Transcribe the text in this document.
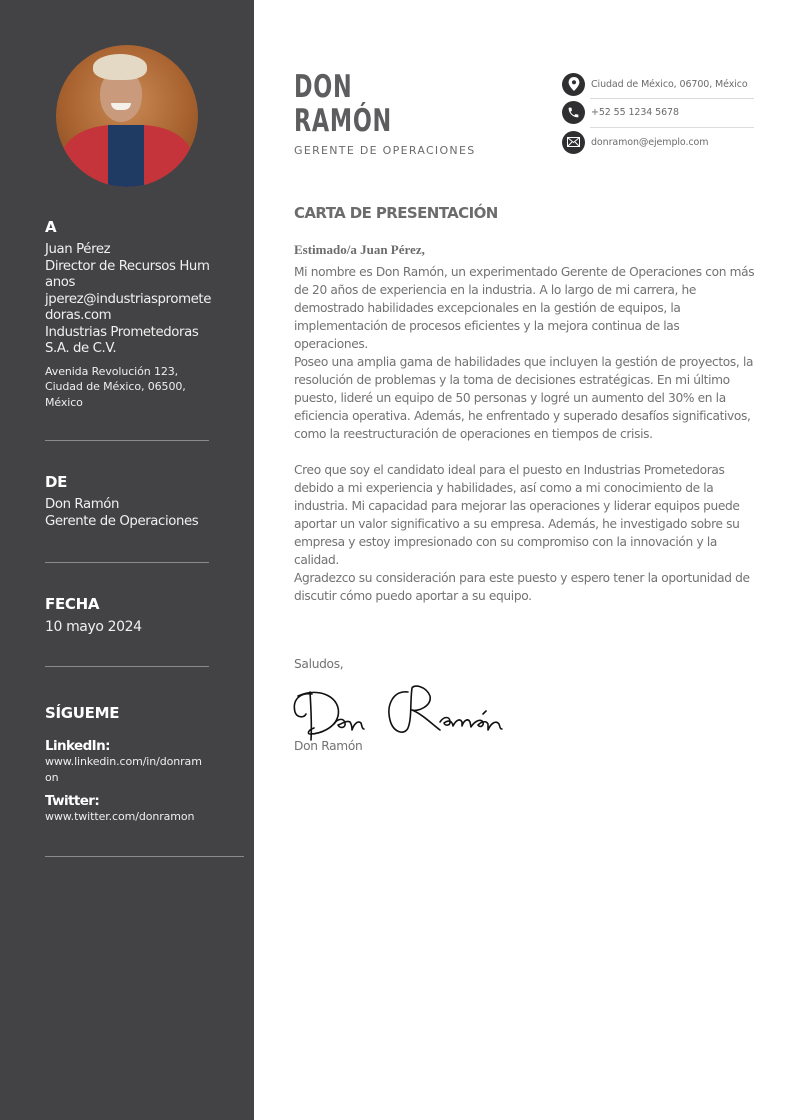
A
Juan Pérez
Director de Recursos Humanos
jperez@industriasprometedoras.com
Industrias Prometedoras S.A. de C.V.
Avenida Revolución 123, Ciudad de México, 06500, México
DE
Don Ramón
Gerente de Operaciones
FECHA
10 mayo 2024
SÍGUEME
LinkedIn:
www.linkedin.com/in/donramon
Twitter:
www.twitter.com/donramon
DON
RAMÓN
GERENTE DE OPERACIONES
Ciudad de México, 06700, México
+52 55 1234 5678
donramon@ejemplo.com
CARTA DE PRESENTACIÓN
Estimado/a Juan Pérez,

Mi nombre es Don Ramón, un experimentado Gerente de Operaciones con más de 20 años de experiencia en la industria. A lo largo de mi carrera, he demostrado habilidades excepcionales en la gestión de equipos, la implementación de procesos eficientes y la mejora continua de las operaciones.

Poseo una amplia gama de habilidades que incluyen la gestión de proyectos, la resolución de problemas y la toma de decisiones estratégicas. En mi último puesto, lideré un equipo de 50 personas y logré un aumento del 30% en la eficiencia operativa. Además, he enfrentado y superado desafíos significativos, como la reestructuración de operaciones en tiempos de crisis.

Creo que soy el candidato ideal para el puesto en Industrias Prometedoras debido a mi experiencia y habilidades, así como a mi conocimiento de la industria. Mi capacidad para mejorar las operaciones y liderar equipos puede aportar un valor significativo a su empresa. Además, he investigado sobre su empresa y estoy impresionado con su compromiso con la innovación y la calidad.

Agradezco su consideración para este puesto y espero tener la oportunidad de discutir cómo puedo aportar a su equipo.

Saludos,
Don Ramón
